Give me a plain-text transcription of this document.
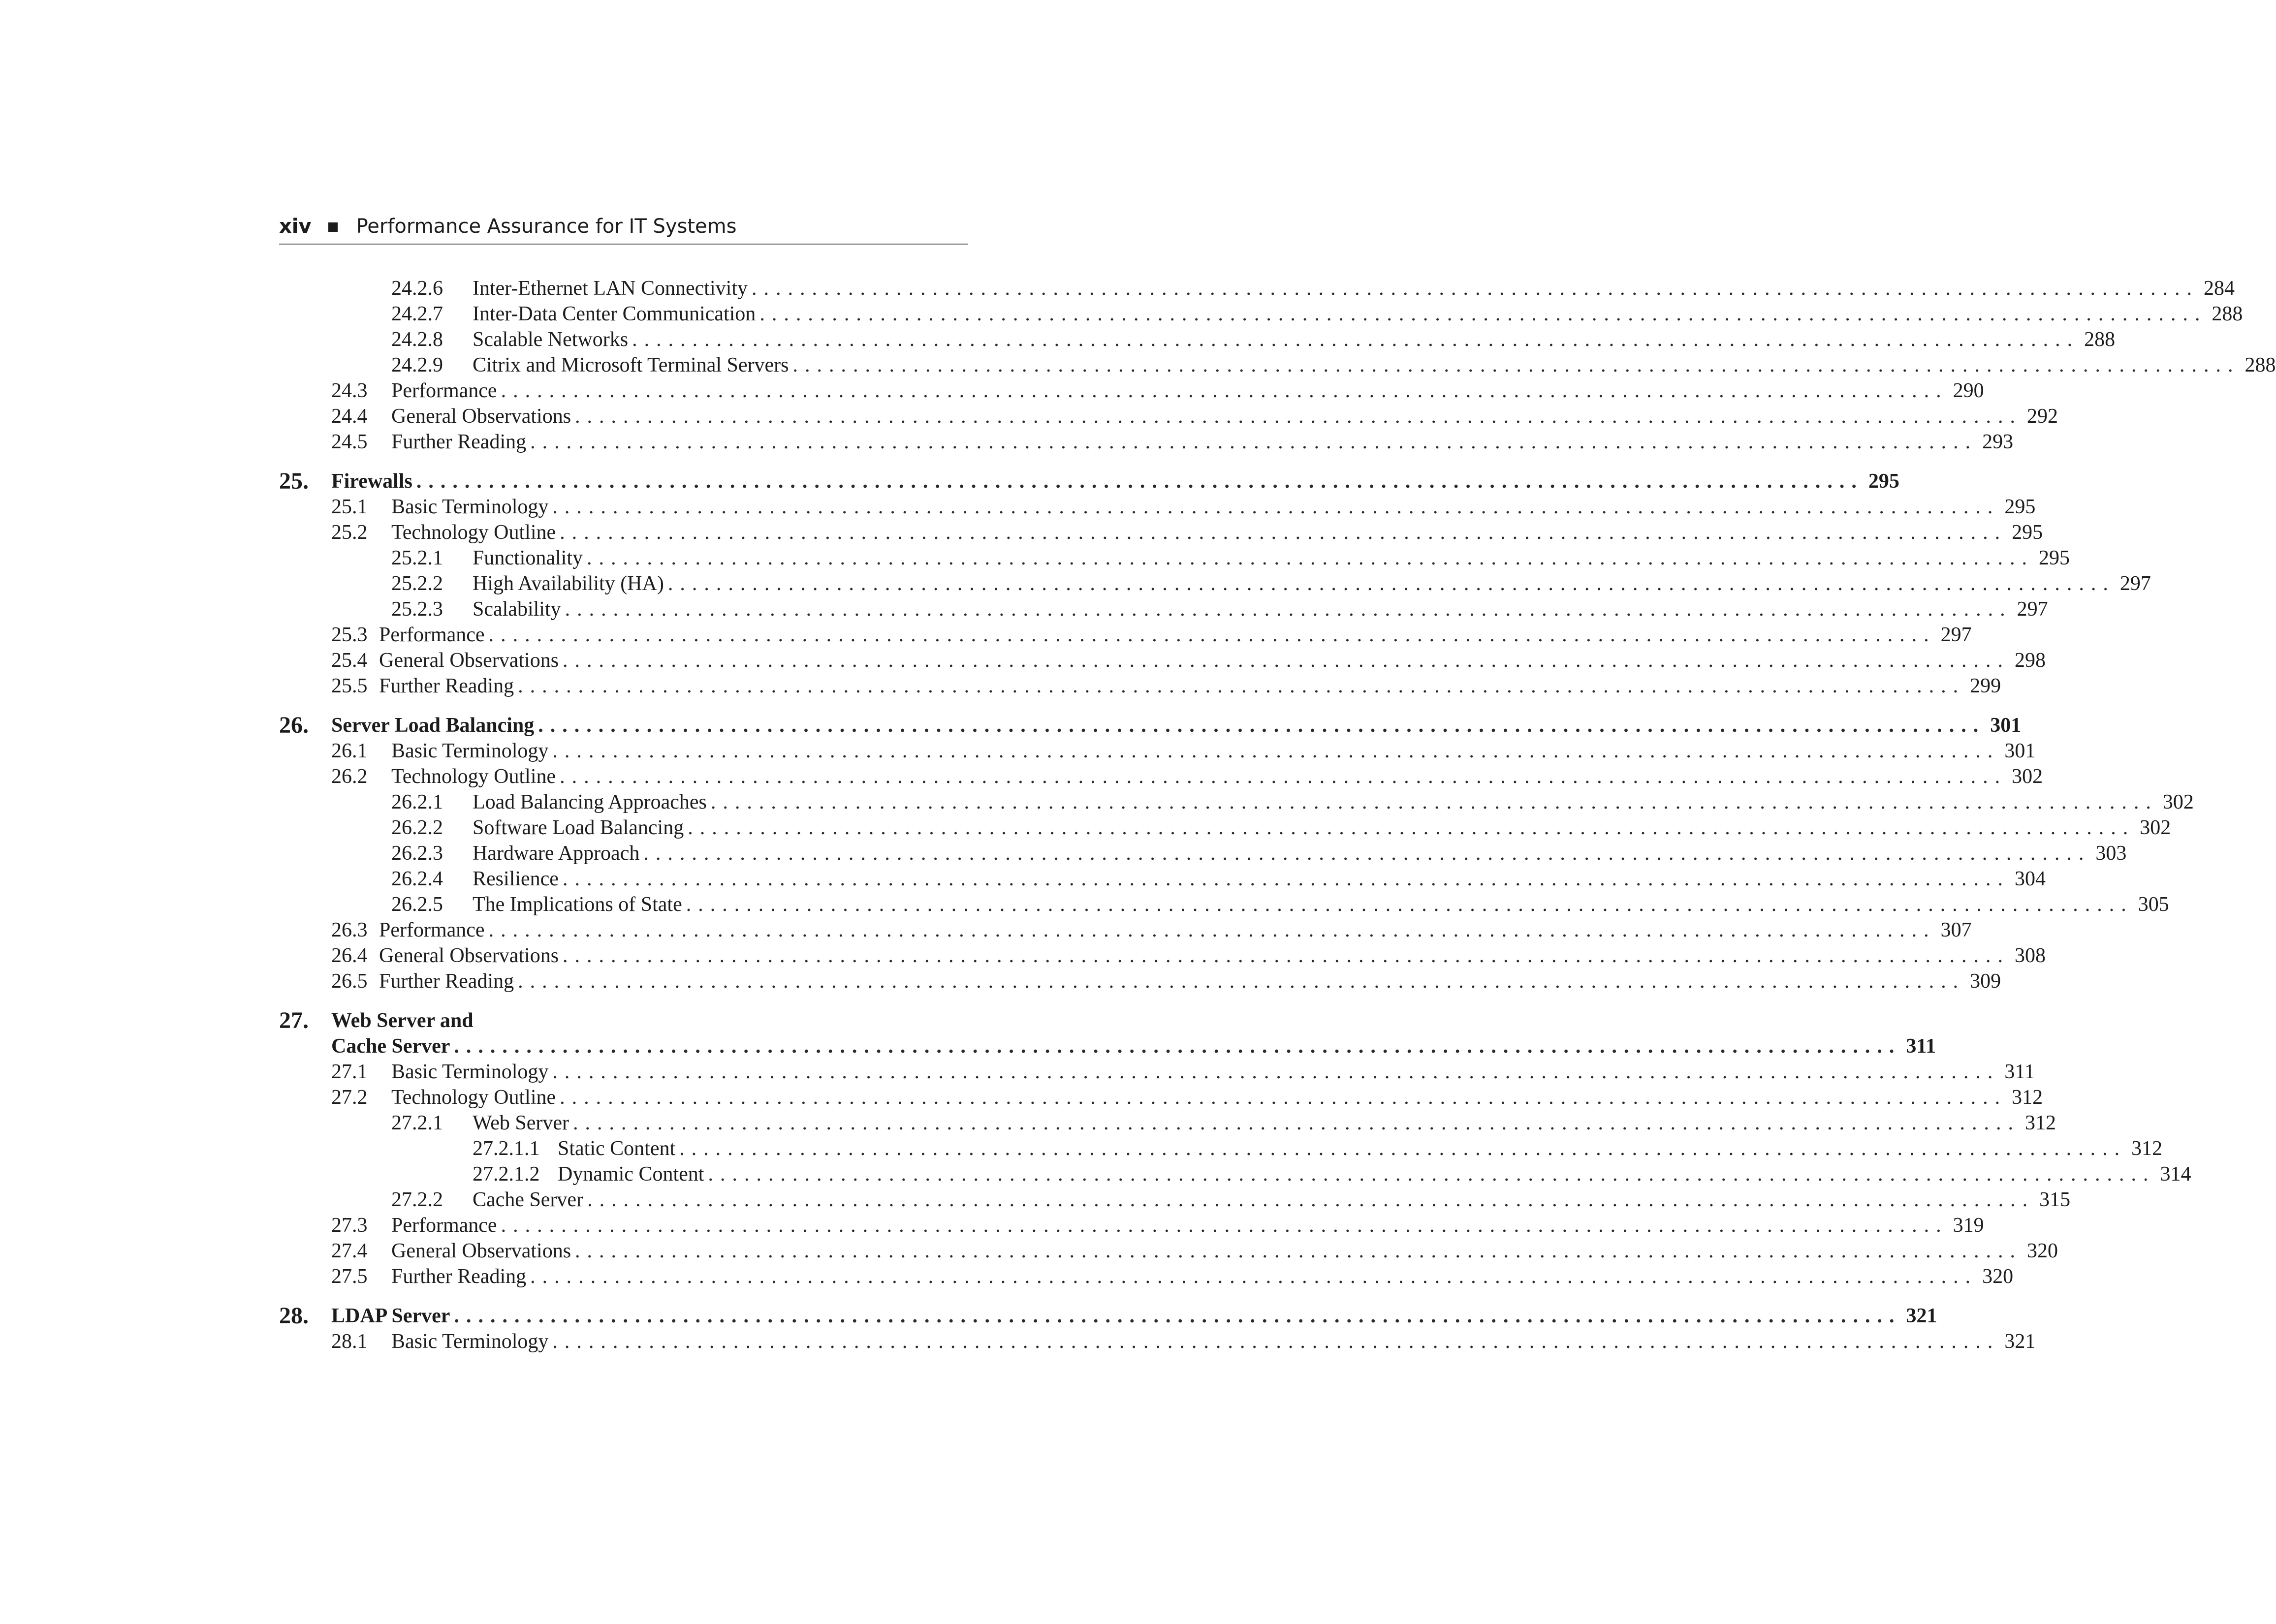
xiv Performance Assurance for IT Systems
24.2.6 Inter-Ethernet LAN Connectivity ........................................................................................................................ 284
24.2.7 Inter-Data Center Communication ........................................................................................................................ 288
24.2.8 Scalable Networks ........................................................................................................................ 288
24.2.9 Citrix and Microsoft Terminal Servers ........................................................................................................................ 288
24.3 Performance ........................................................................................................................ 290
24.4 General Observations ........................................................................................................................ 292
24.5 Further Reading ........................................................................................................................ 293
25. Firewalls ........................................................................................................................ 295
25.1 Basic Terminology ........................................................................................................................ 295
25.2 Technology Outline ........................................................................................................................ 295
25.2.1 Functionality ........................................................................................................................ 295
25.2.2 High Availability (HA) ........................................................................................................................ 297
25.2.3 Scalability ........................................................................................................................ 297
25.3 Performance ........................................................................................................................ 297
25.4 General Observations ........................................................................................................................ 298
25.5 Further Reading ........................................................................................................................ 299
26. Server Load Balancing ........................................................................................................................ 301
26.1 Basic Terminology ........................................................................................................................ 301
26.2 Technology Outline ........................................................................................................................ 302
26.2.1 Load Balancing Approaches ........................................................................................................................ 302
26.2.2 Software Load Balancing ........................................................................................................................ 302
26.2.3 Hardware Approach ........................................................................................................................ 303
26.2.4 Resilience ........................................................................................................................ 304
26.2.5 The Implications of State ........................................................................................................................ 305
26.3 Performance ........................................................................................................................ 307
26.4 General Observations ........................................................................................................................ 308
26.5 Further Reading ........................................................................................................................ 309
27. Web Server and
Cache Server ........................................................................................................................ 311
27.1 Basic Terminology ........................................................................................................................ 311
27.2 Technology Outline ........................................................................................................................ 312
27.2.1 Web Server ........................................................................................................................ 312
27.2.1.1 Static Content ........................................................................................................................ 312
27.2.1.2 Dynamic Content ........................................................................................................................ 314
27.2.2 Cache Server ........................................................................................................................ 315
27.3 Performance ........................................................................................................................ 319
27.4 General Observations ........................................................................................................................ 320
27.5 Further Reading ........................................................................................................................ 320
28. LDAP Server ........................................................................................................................ 321
28.1 Basic Terminology ........................................................................................................................ 321
